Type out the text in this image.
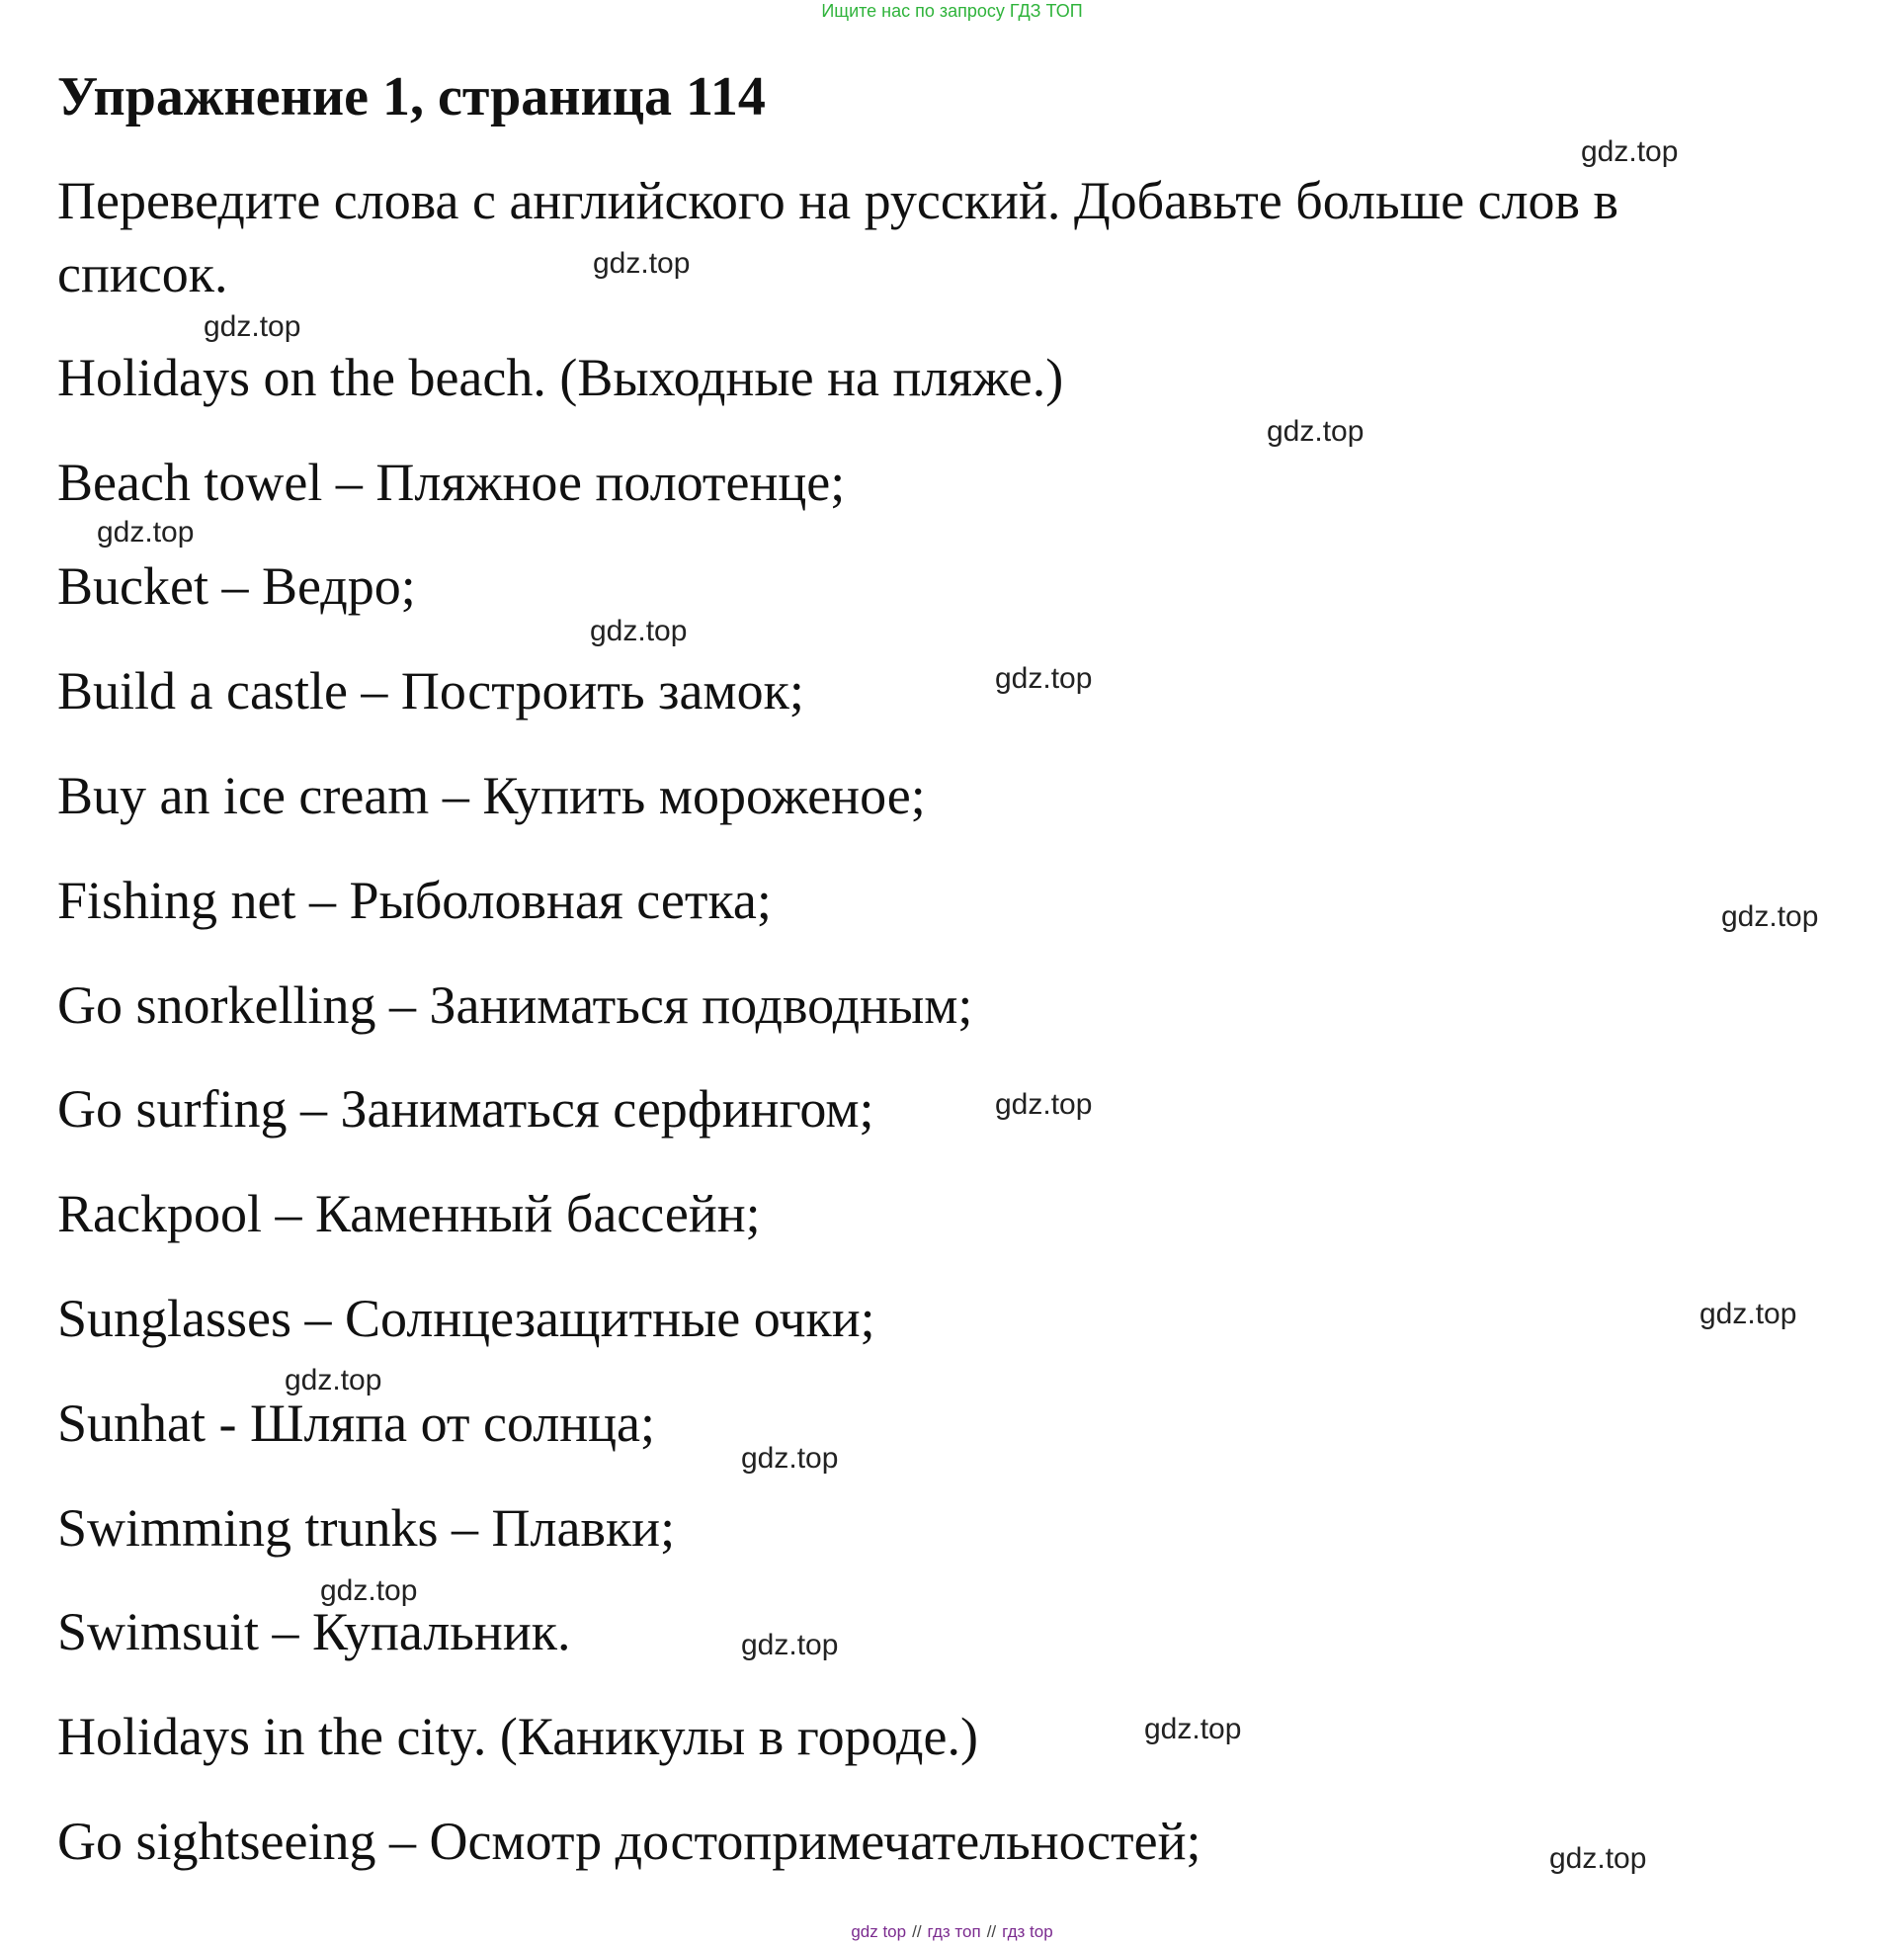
Ищите нас по запросу ГДЗ ТОП
Упражнение 1, страница 114

Переведите слова с английского на русский. Добавьте больше слов в список.

Holidays on the beach. (Выходные на пляже.)

Beach towel – Пляжное полотенце;

Bucket – Ведро;

Build a castle – Построить замок;

Buy an ice cream – Купить мороженое;

Fishing net – Рыболовная сетка;

Go snorkelling – Заниматься подводным;

Go surfing – Заниматься серфингом;

Rackpool – Каменный бассейн;

Sunglasses – Солнцезащитные очки;

Sunhat - Шляпа от солнца;

Swimming trunks – Плавки;

Swimsuit – Купальник.

Holidays in the city. (Каникулы в городе.)

Go sightseeing – Осмотр достопримечательностей;

gdz.top
gdz.top
gdz.top
gdz.top
gdz.top
gdz.top
gdz.top
gdz.top
gdz.top
gdz.top
gdz.top
gdz.top
gdz.top
gdz.top
gdz.top
gdz.top
gdz top // гдз топ // гдз top
